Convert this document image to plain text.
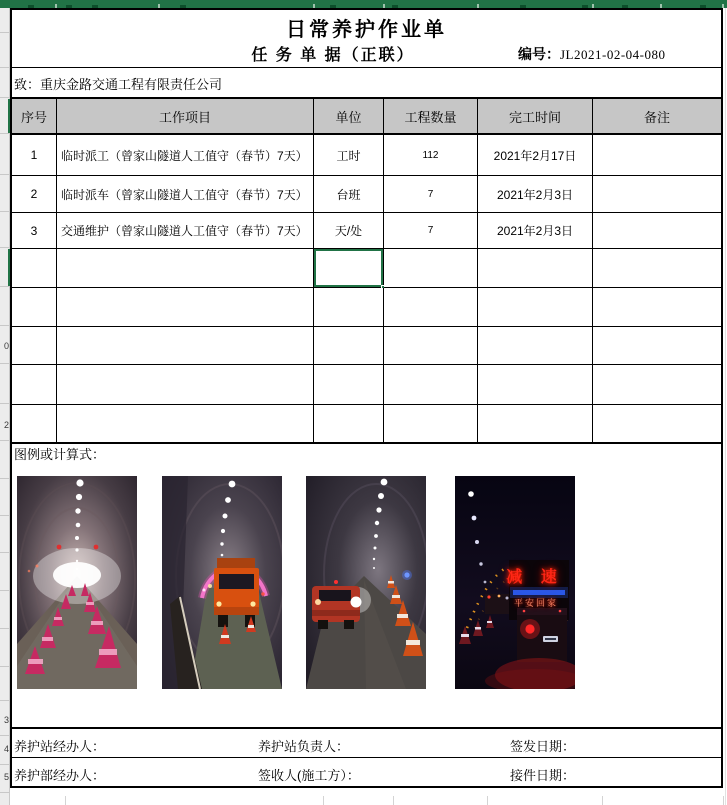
0
2
3
4
5
日常养护作业单
任 务 单 据（正联）	编号：JL2021-02-04-080
致：重庆金路交通工程有限责任公司
序号	工作项目	单位	工程数量	完工时间	备注
1	临时派工（曾家山隧道人工值守（春节）7天）	工时	112	2021年2月17日
2	临时派车（曾家山隧道人工值守（春节）7天）	台班	7	2021年2月3日
3	交通维护（曾家山隧道人工值守（春节）7天）	天/处	7	2021年2月3日
图例或计算式：
减 速
平安回家
养护站经办人：	养护站负责人：	签发日期：
养护部经办人：	签收人(施工方）：	接件日期：
